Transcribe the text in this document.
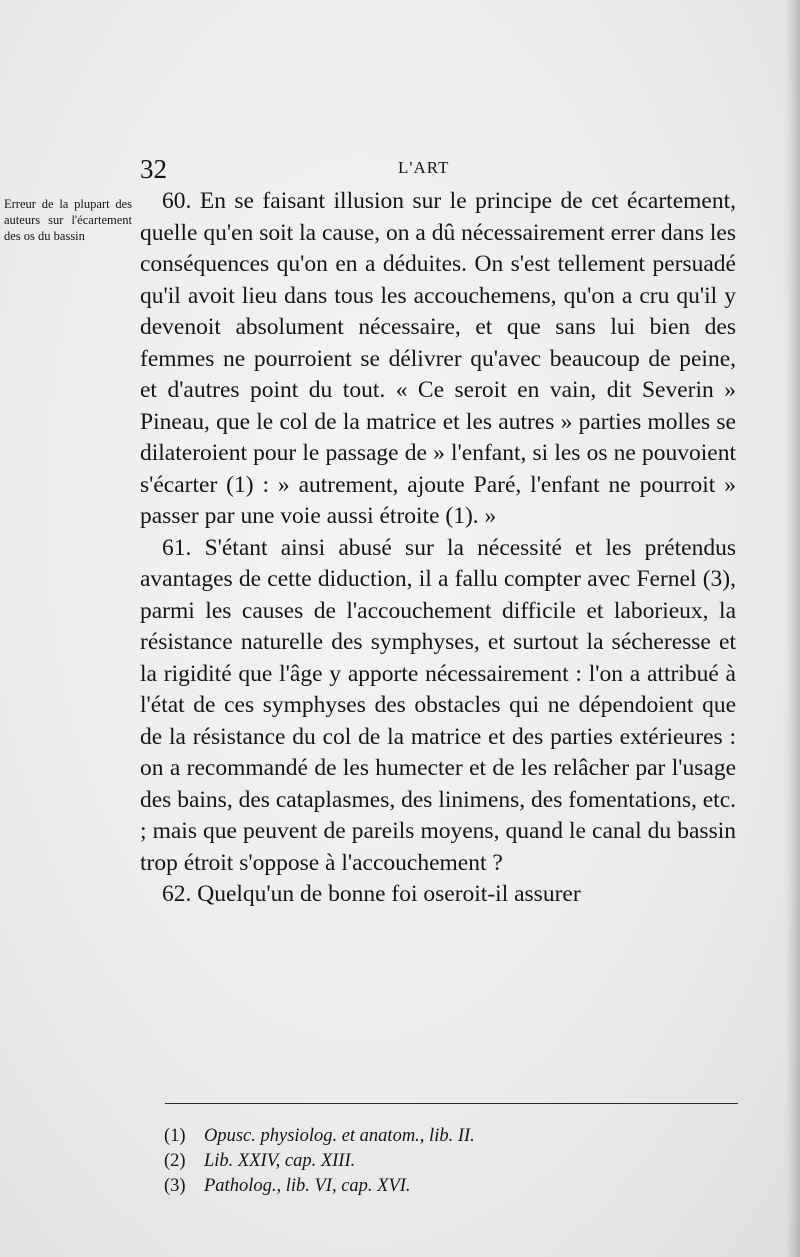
32	L'ART
Erreur de la plupart des auteurs sur l'écartement des os du bassin

60. En se faisant illusion sur le principe de cet écartement, quelle qu'en soit la cause, on a dû nécessairement errer dans les conséquences qu'on en a déduites. On s'est tellement persuadé qu'il avoit lieu dans tous les accouchemens, qu'on a cru qu'il y devenoit absolument nécessaire, et que sans lui bien des femmes ne pourroient se délivrer qu'avec beaucoup de peine, et d'autres point du tout. « Ce seroit en vain, dit Severin » Pineau, que le col de la matrice et les autres » parties molles se dilateroient pour le passage de » l'enfant, si les os ne pouvoient s'écarter (1) : » autrement, ajoute Paré, l'enfant ne pourroit » passer par une voie aussi étroite (1). »

61. S'étant ainsi abusé sur la nécessité et les prétendus avantages de cette diduction, il a fallu compter avec Fernel (3), parmi les causes de l'accouchement difficile et laborieux, la résistance naturelle des symphyses, et surtout la sécheresse et la rigidité que l'âge y apporte nécessairement : l'on a attribué à l'état de ces symphyses des obstacles qui ne dépendoient que de la résistance du col de la matrice et des parties extérieures : on a recommandé de les humecter et de les relâcher par l'usage des bains, des cataplasmes, des linimens, des fomentations, etc. ; mais que peuvent de pareils moyens, quand le canal du bassin trop étroit s'oppose à l'accouchement ?

62. Quelqu'un de bonne foi oseroit-il assurer

(1) Opusc. physiolog. et anatom., lib. II.
(2) Lib. XXIV, cap. XIII.
(3) Patholog., lib. VI, cap. XVI.
